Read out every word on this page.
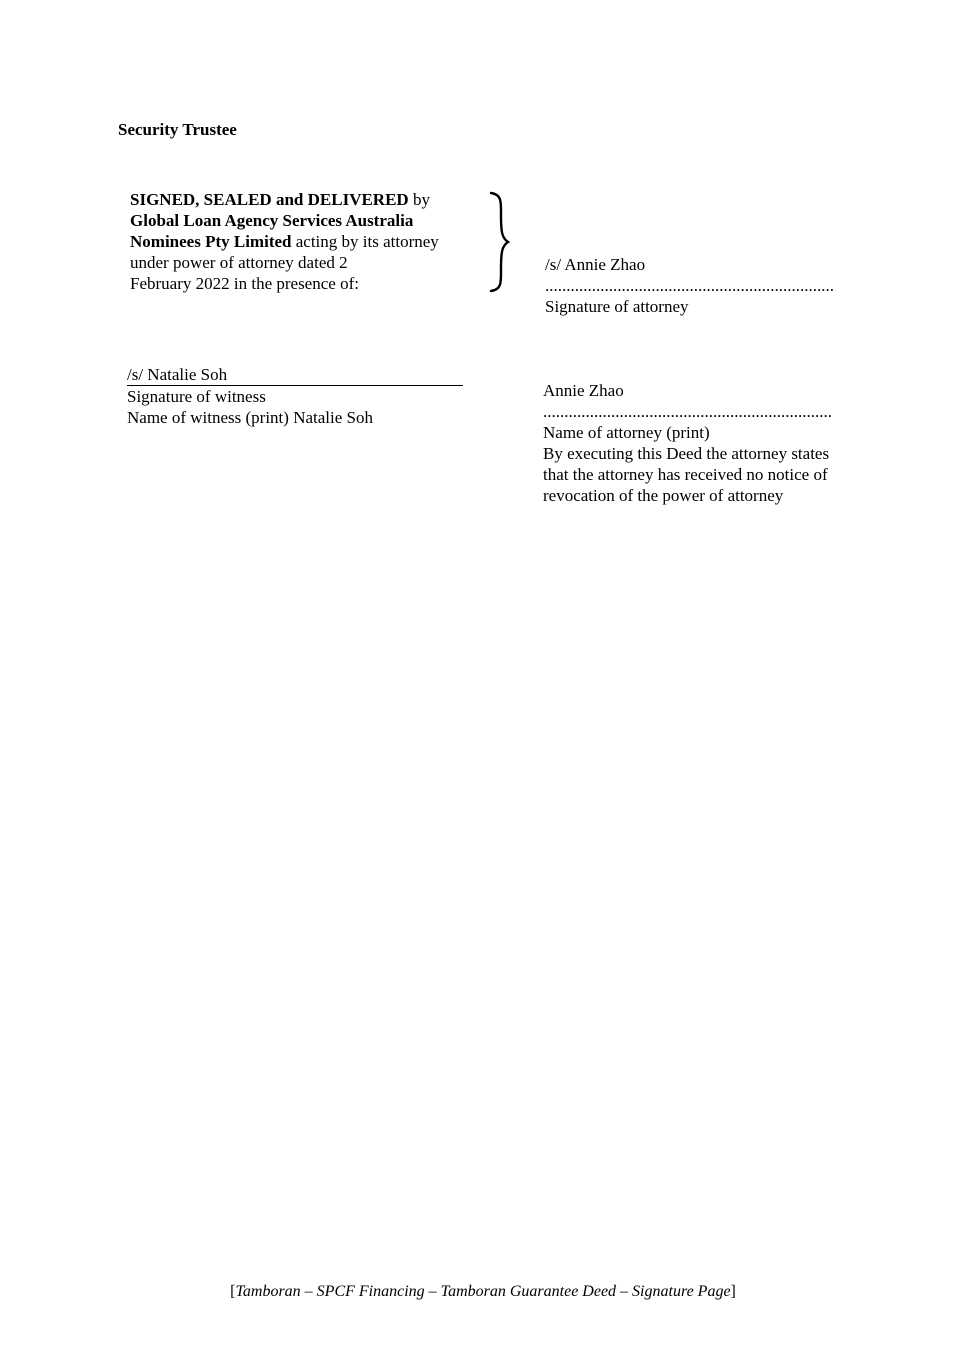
Security Trustee
SIGNED, SEALED and DELIVERED by
Global Loan Agency Services Australia
Nominees Pty Limited acting by its attorney
under power of attorney dated 2
February 2022 in the presence of:
/s/ Annie Zhao
....................................................................
Signature of attorney
/s/ Natalie Soh
Signature of witness
Name of witness (print) Natalie Soh
Annie Zhao
....................................................................
Name of attorney (print)
By executing this Deed the attorney states
that the attorney has received no notice of
revocation of the power of attorney
[Tamboran – SPCF Financing – Tamboran Guarantee Deed – Signature Page]
